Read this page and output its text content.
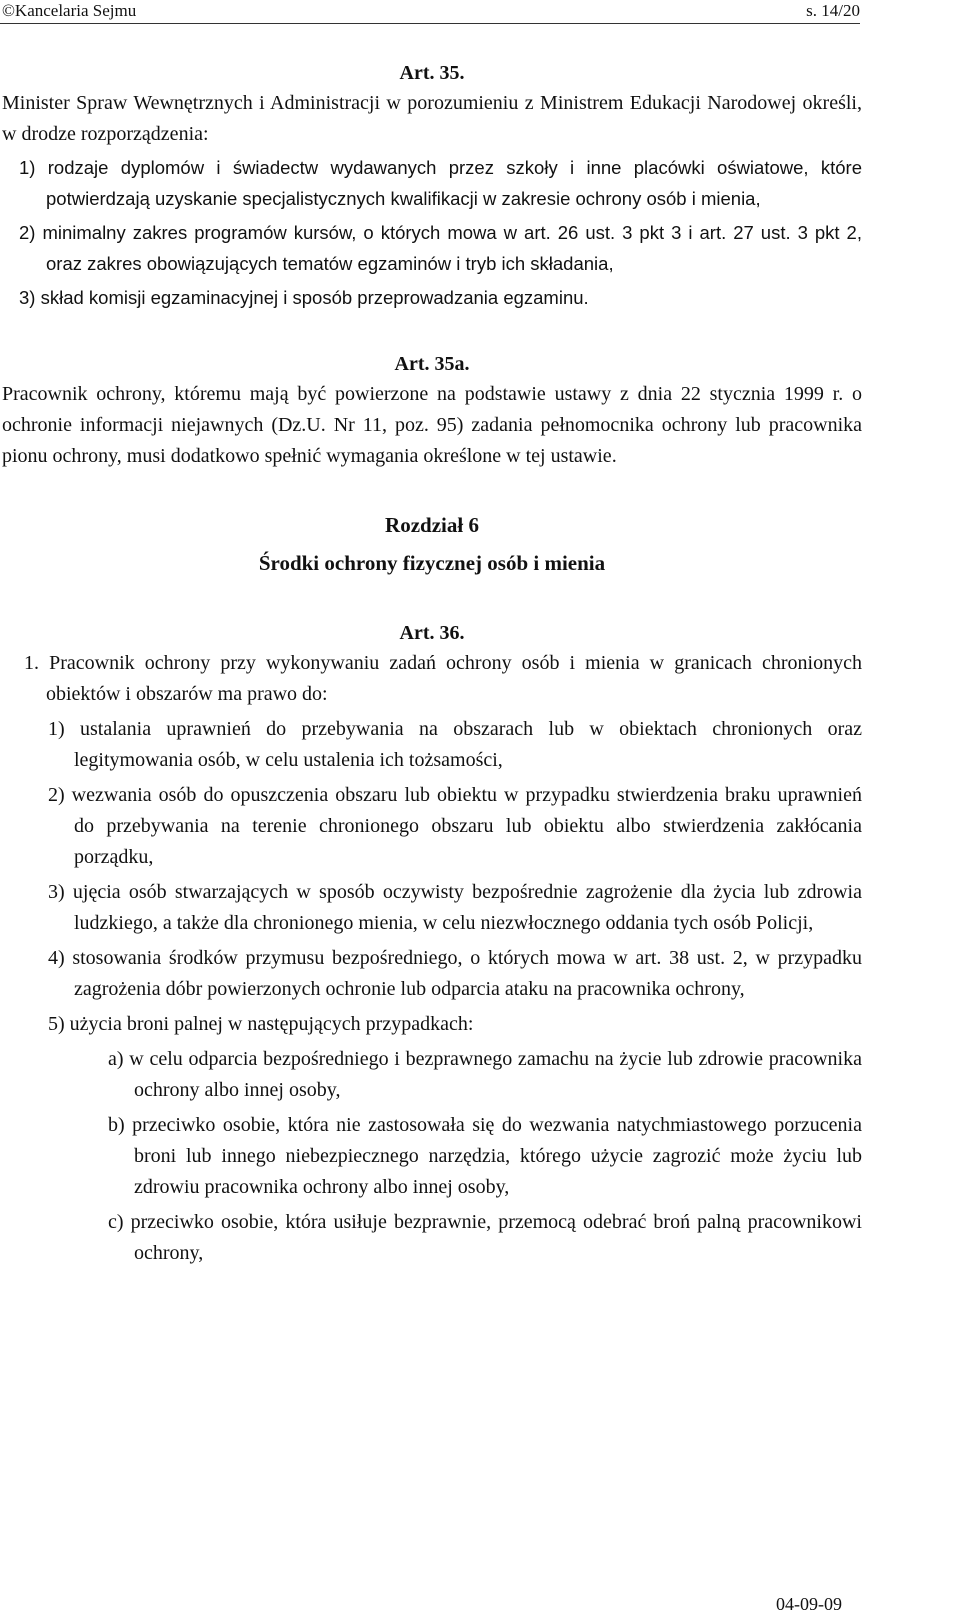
©Kancelaria Sejmu	s. 14/20

Art. 35.

Minister Spraw Wewnętrznych i Administracji w porozumieniu z Ministrem Edukacji Narodowej określi, w drodze rozporządzenia:

1) rodzaje dyplomów i świadectw wydawanych przez szkoły i inne placówki oświatowe, które potwierdzają uzyskanie specjalistycznych kwalifikacji w zakresie ochrony osób i mienia,

2) minimalny zakres programów kursów, o których mowa w art. 26 ust. 3 pkt 3 i art. 27 ust. 3 pkt 2, oraz zakres obowiązujących tematów egzaminów i tryb ich składania,

3) skład komisji egzaminacyjnej i sposób przeprowadzania egzaminu.

Art. 35a.

Pracownik ochrony, któremu mają być powierzone na podstawie ustawy z dnia 22 stycznia 1999 r. o ochronie informacji niejawnych (Dz.U. Nr 11, poz. 95) zadania pełnomocnika ochrony lub pracownika pionu ochrony, musi dodatkowo spełnić wymagania określone w tej ustawie.

Rozdział 6

Środki ochrony fizycznej osób i mienia

Art. 36.

1. Pracownik ochrony przy wykonywaniu zadań ochrony osób i mienia w granicach chronionych obiektów i obszarów ma prawo do:

1) ustalania uprawnień do przebywania na obszarach lub w obiektach chronionych oraz legitymowania osób, w celu ustalenia ich tożsamości,

2) wezwania osób do opuszczenia obszaru lub obiektu w przypadku stwierdzenia braku uprawnień do przebywania na terenie chronionego obszaru lub obiektu albo stwierdzenia zakłócania porządku,

3) ujęcia osób stwarzających w sposób oczywisty bezpośrednie zagrożenie dla życia lub zdrowia ludzkiego, a także dla chronionego mienia, w celu niezwłocznego oddania tych osób Policji,

4) stosowania środków przymusu bezpośredniego, o których mowa w art. 38 ust. 2, w przypadku zagrożenia dóbr powierzonych ochronie lub odparcia ataku na pracownika ochrony,

5) użycia broni palnej w następujących przypadkach:

a) w celu odparcia bezpośredniego i bezprawnego zamachu na życie lub zdrowie pracownika ochrony albo innej osoby,

b) przeciwko osobie, która nie zastosowała się do wezwania natychmiastowego porzucenia broni lub innego niebezpiecznego narzędzia, którego użycie zagrozić może życiu lub zdrowiu pracownika ochrony albo innej osoby,

c) przeciwko osobie, która usiłuje bezprawnie, przemocą odebrać broń palną pracownikowi ochrony,

04-09-09
